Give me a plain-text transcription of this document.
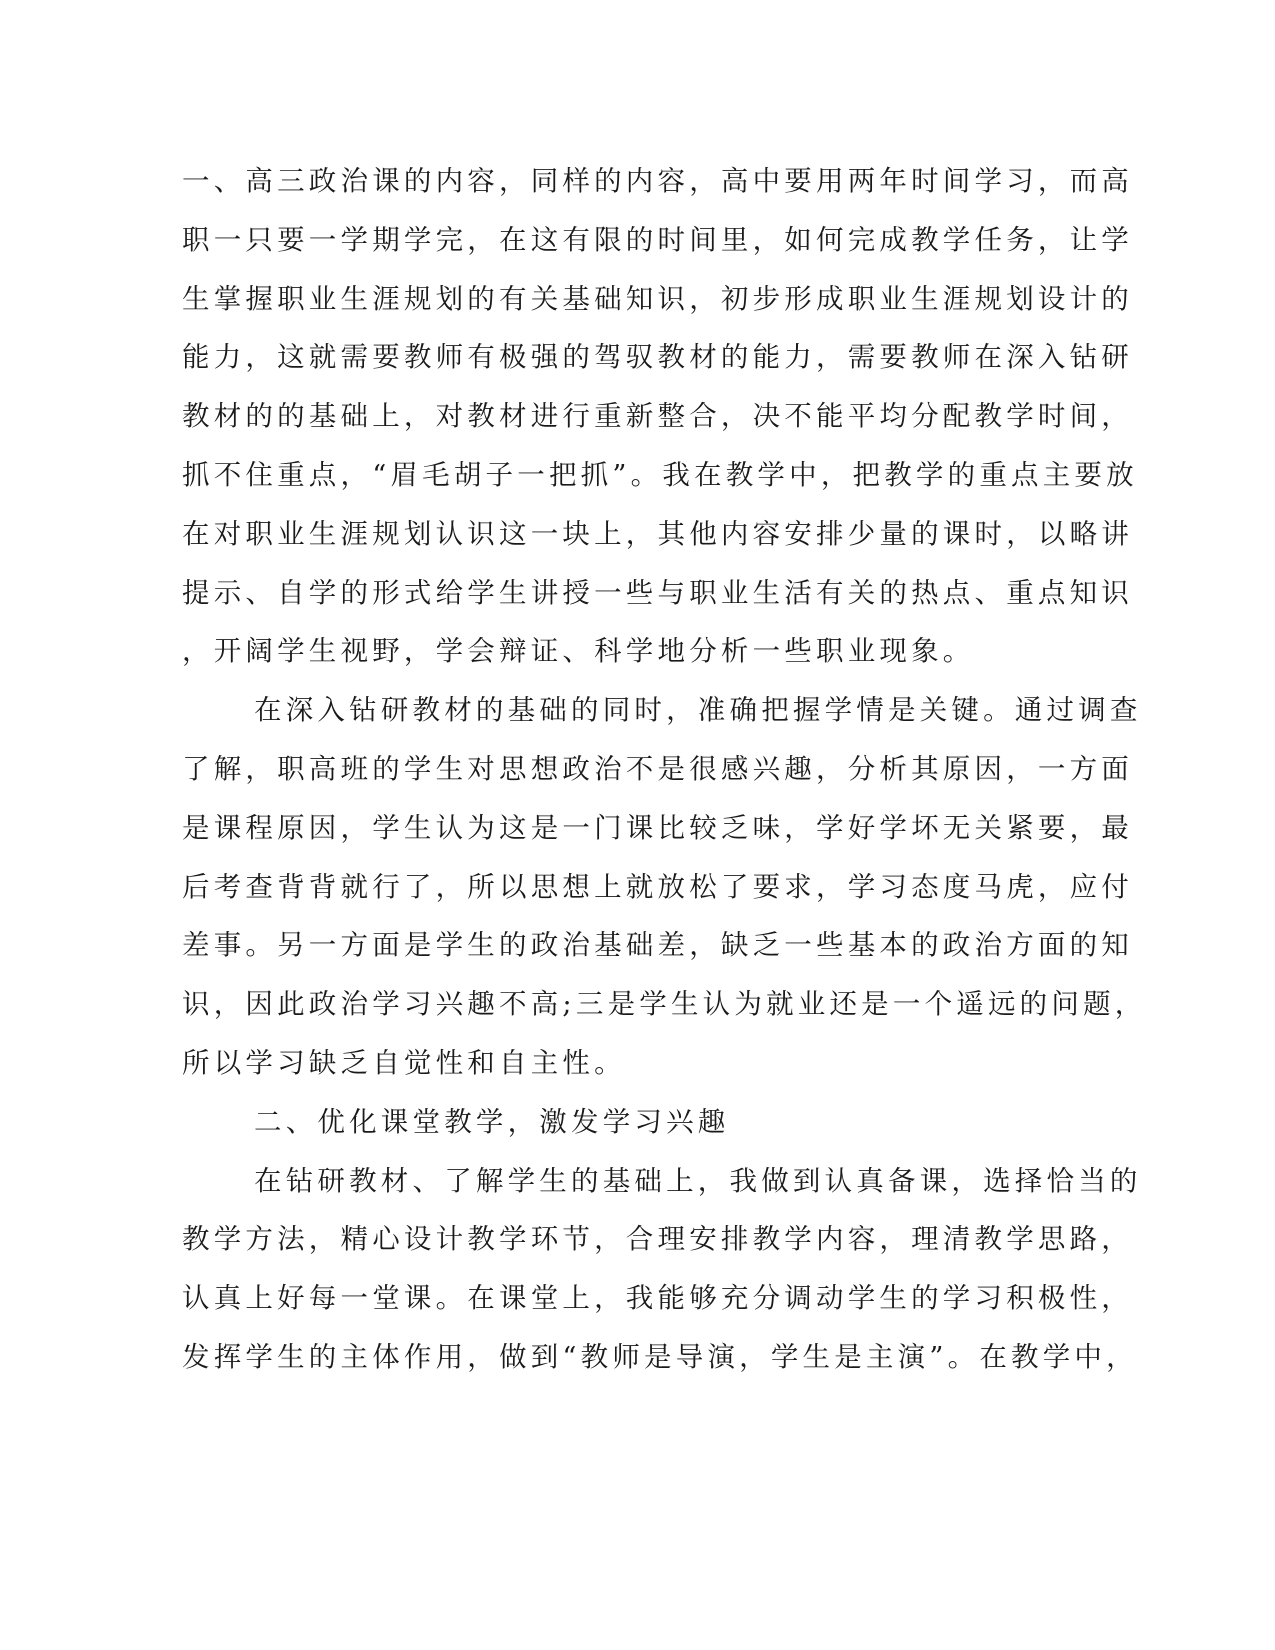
一、高三政治课的内容，同样的内容，高中要用两年时间学习，而高
职一只要一学期学完，在这有限的时间里，如何完成教学任务，让学
生掌握职业生涯规划的有关基础知识，初步形成职业生涯规划设计的
能力，这就需要教师有极强的驾驭教材的能力，需要教师在深入钻研
教材的的基础上，对教材进行重新整合，决不能平均分配教学时间，
抓不住重点，“眉毛胡子一把抓”。我在教学中，把教学的重点主要放
在对职业生涯规划认识这一块上，其他内容安排少量的课时，以略讲
提示、自学的形式给学生讲授一些与职业生活有关的热点、重点知识
，开阔学生视野，学会辩证、科学地分析一些职业现象。
在深入钻研教材的基础的同时，准确把握学情是关键。通过调查
了解，职高班的学生对思想政治不是很感兴趣，分析其原因，一方面
是课程原因，学生认为这是一门课比较乏味，学好学坏无关紧要，最
后考查背背就行了，所以思想上就放松了要求，学习态度马虎，应付
差事。另一方面是学生的政治基础差，缺乏一些基本的政治方面的知
识，因此政治学习兴趣不高;三是学生认为就业还是一个遥远的问题，
所以学习缺乏自觉性和自主性。
二、优化课堂教学，激发学习兴趣
在钻研教材、了解学生的基础上，我做到认真备课，选择恰当的
教学方法，精心设计教学环节，合理安排教学内容，理清教学思路，
认真上好每一堂课。在课堂上，我能够充分调动学生的学习积极性，
发挥学生的主体作用，做到“教师是导演，学生是主演”。在教学中，
